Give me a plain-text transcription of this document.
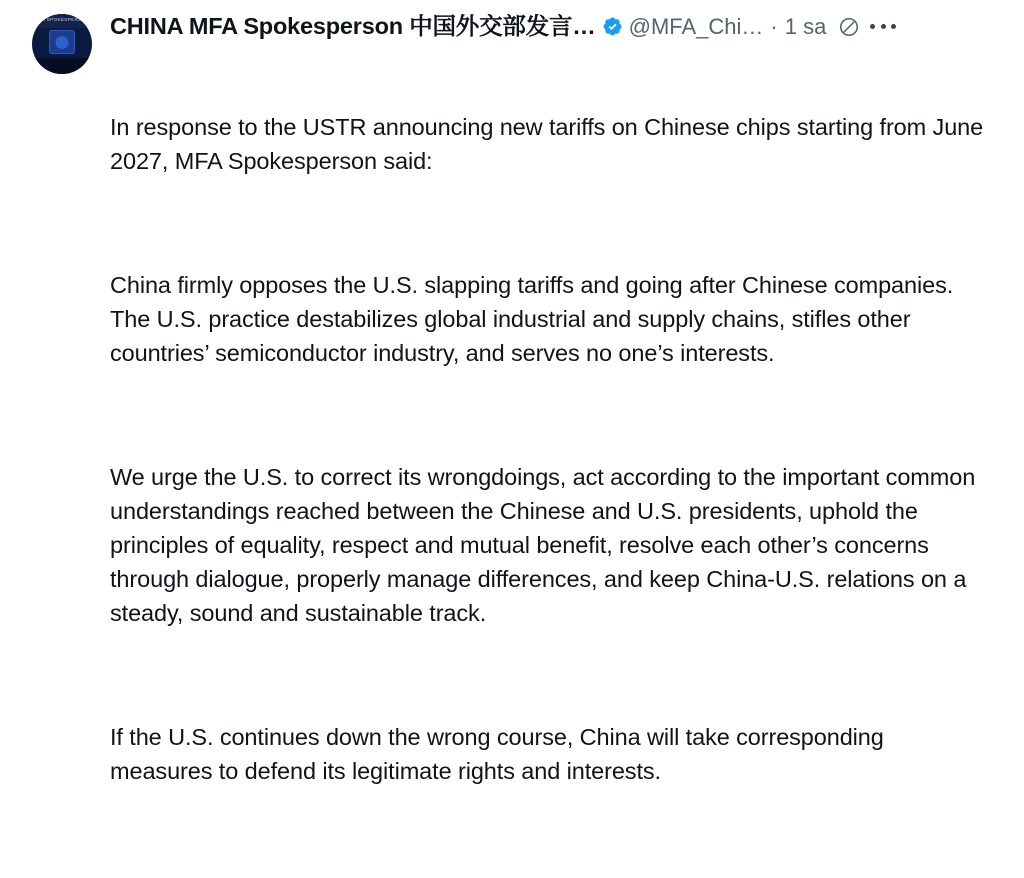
MFA SPOKESPERSON CHINA MFA Spokesperson 中国外交部发言… @MFA_Chi… · 1 sa

In response to the USTR announcing new tariffs on Chinese chips starting from June 2027, MFA Spokesperson said:

China firmly opposes the U.S. slapping tariffs and going after Chinese companies. The U.S. practice destabilizes global industrial and supply chains, stifles other countries’ semiconductor industry, and serves no one’s interests.

We urge the U.S. to correct its wrongdoings, act according to the important common understandings reached between the Chinese and U.S. presidents, uphold the principles of equality, respect and mutual benefit, resolve each other’s concerns through dialogue, properly manage differences, and keep China-U.S. relations on a steady, sound and sustainable track.

If the U.S. continues down the wrong course, China will take corresponding measures to defend its legitimate rights and interests.
